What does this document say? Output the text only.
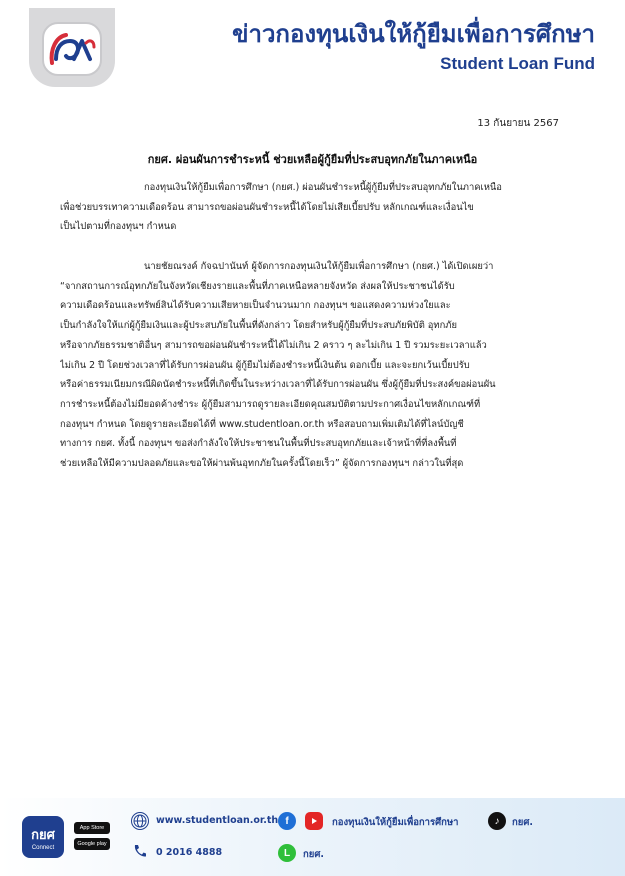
ข่าวกองทุนเงินให้กู้ยืมเพื่อการศึกษา
Student Loan Fund
13 กันยายน 2567
กยศ. ผ่อนผันการชำระหนี้ ช่วยเหลือผู้กู้ยืมที่ประสบอุทกภัยในภาคเหนือ
กองทุนเงินให้กู้ยืมเพื่อการศึกษา (กยศ.) ผ่อนผันชำระหนี้ผู้กู้ยืมที่ประสบอุทกภัยในภาคเหนือ
เพื่อช่วยบรรเทาความเดือดร้อน สามารถขอผ่อนผันชำระหนี้ได้โดยไม่เสียเบี้ยปรับ หลักเกณฑ์และเงื่อนไข
เป็นไปตามที่กองทุนฯ กำหนด
นายชัยณรงค์ กัจฉปานันท์ ผู้จัดการกองทุนเงินให้กู้ยืมเพื่อการศึกษา (กยศ.) ได้เปิดเผยว่า
“จากสถานการณ์อุทกภัยในจังหวัดเชียงรายและพื้นที่ภาคเหนือหลายจังหวัด ส่งผลให้ประชาชนได้รับ
ความเดือดร้อนและทรัพย์สินได้รับความเสียหายเป็นจำนวนมาก กองทุนฯ ขอแสดงความห่วงใยและ
เป็นกำลังใจให้แก่ผู้กู้ยืมเงินและผู้ประสบภัยในพื้นที่ดังกล่าว โดยสำหรับผู้กู้ยืมที่ประสบภัยพิบัติ อุทกภัย
หรือจากภัยธรรมชาติอื่นๆ สามารถขอผ่อนผันชำระหนี้ได้ไม่เกิน 2 คราว ๆ ละไม่เกิน 1 ปี รวมระยะเวลาแล้ว
ไม่เกิน 2 ปี โดยช่วงเวลาที่ได้รับการผ่อนผัน ผู้กู้ยืมไม่ต้องชำระหนี้เงินต้น ดอกเบี้ย และจะยกเว้นเบี้ยปรับ
หรือค่าธรรมเนียมกรณีผิดนัดชำระหนี้ที่เกิดขึ้นในระหว่างเวลาที่ได้รับการผ่อนผัน ซึ่งผู้กู้ยืมที่ประสงค์ขอผ่อนผัน
การชำระหนี้ต้องไม่มียอดค้างชำระ ผู้กู้ยืมสามารถดูรายละเอียดคุณสมบัติตามประกาศเงื่อนไขหลักเกณฑ์ที่
กองทุนฯ กำหนด โดยดูรายละเอียดได้ที่ www.studentloan.or.th หรือสอบถามเพิ่มเติมได้ที่ไลน์บัญชี
ทางการ กยศ. ทั้งนี้ กองทุนฯ ขอส่งกำลังใจให้ประชาชนในพื้นที่ประสบอุทกภัยและเจ้าหน้าที่ที่ลงพื้นที่
ช่วยเหลือให้มีความปลอดภัยและขอให้ผ่านพ้นอุทกภัยในครั้งนี้โดยเร็ว” ผู้จัดการกองทุนฯ กล่าวในที่สุด
กยศ
Connect
App Store
Google play
www.studentloan.or.th
0 2016 4888
f	กองทุนเงินให้กู้ยืมเพื่อการศึกษา
L	กยศ.
♪	กยศ.
